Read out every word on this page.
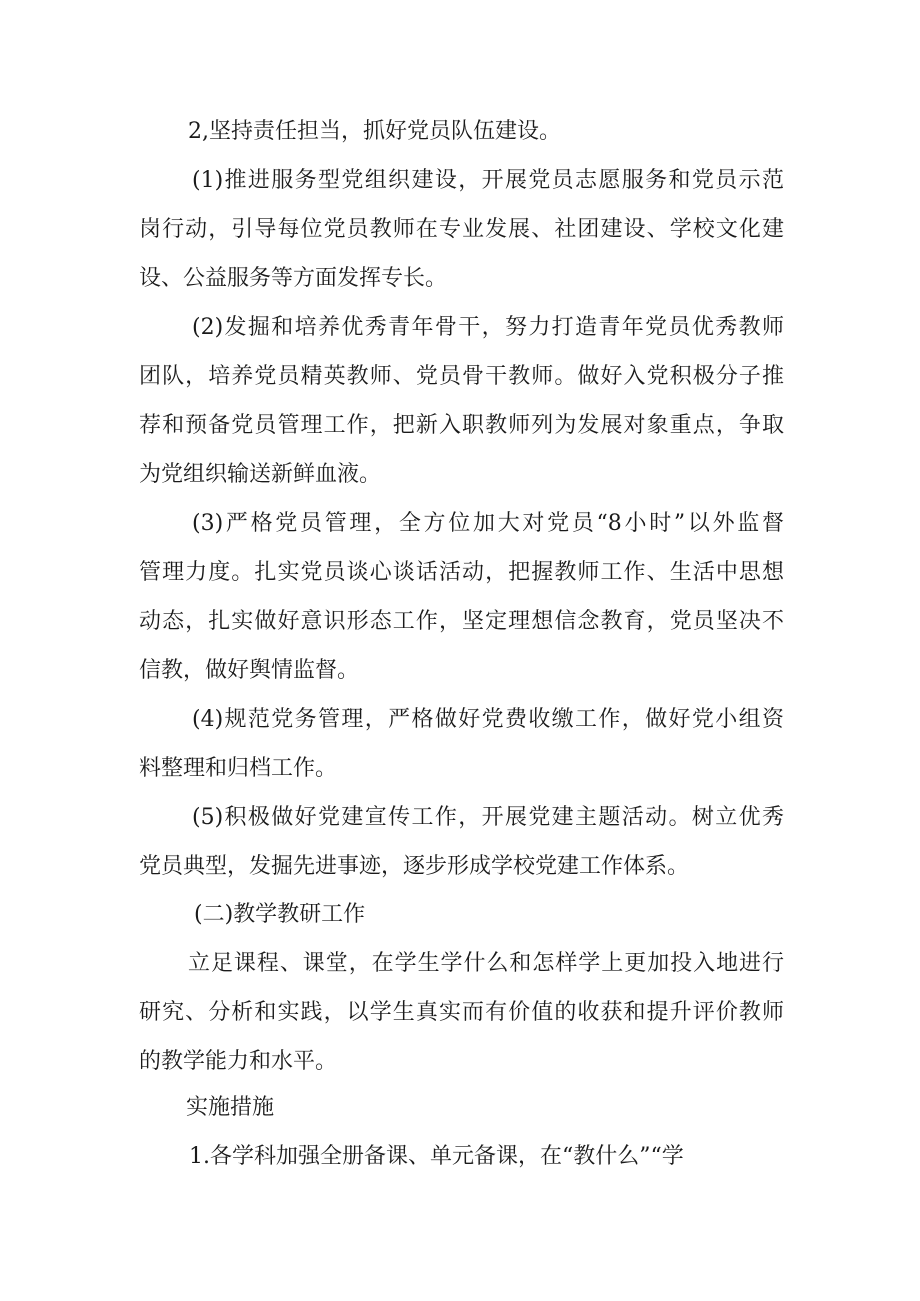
2,坚持责任担当，抓好党员队伍建设。
(1)推进服务型党组织建设，开展党员志愿服务和党员示范
岗行动，引导每位党员教师在专业发展、社团建设、学校文化建
设、公益服务等方面发挥专长。
(2)发掘和培养优秀青年骨干，努力打造青年党员优秀教师
团队，培养党员精英教师、党员骨干教师。做好入党积极分子推
荐和预备党员管理工作，把新入职教师列为发展对象重点，争取
为党组织输送新鲜血液。
(3)严格党员管理，全方位加大对党员“8小时”以外监督
管理力度。扎实党员谈心谈话活动，把握教师工作、生活中思想
动态，扎实做好意识形态工作，坚定理想信念教育，党员坚决不
信教，做好舆情监督。
(4)规范党务管理，严格做好党费收缴工作，做好党小组资
料整理和归档工作。
(5)积极做好党建宣传工作，开展党建主题活动。树立优秀
党员典型，发掘先进事迹，逐步形成学校党建工作体系。
(二)教学教研工作
立足课程、课堂，在学生学什么和怎样学上更加投入地进行
研究、分析和实践，以学生真实而有价值的收获和提升评价教师
的教学能力和水平。
实施措施
1.各学科加强全册备课、单元备课，在“教什么”“学
